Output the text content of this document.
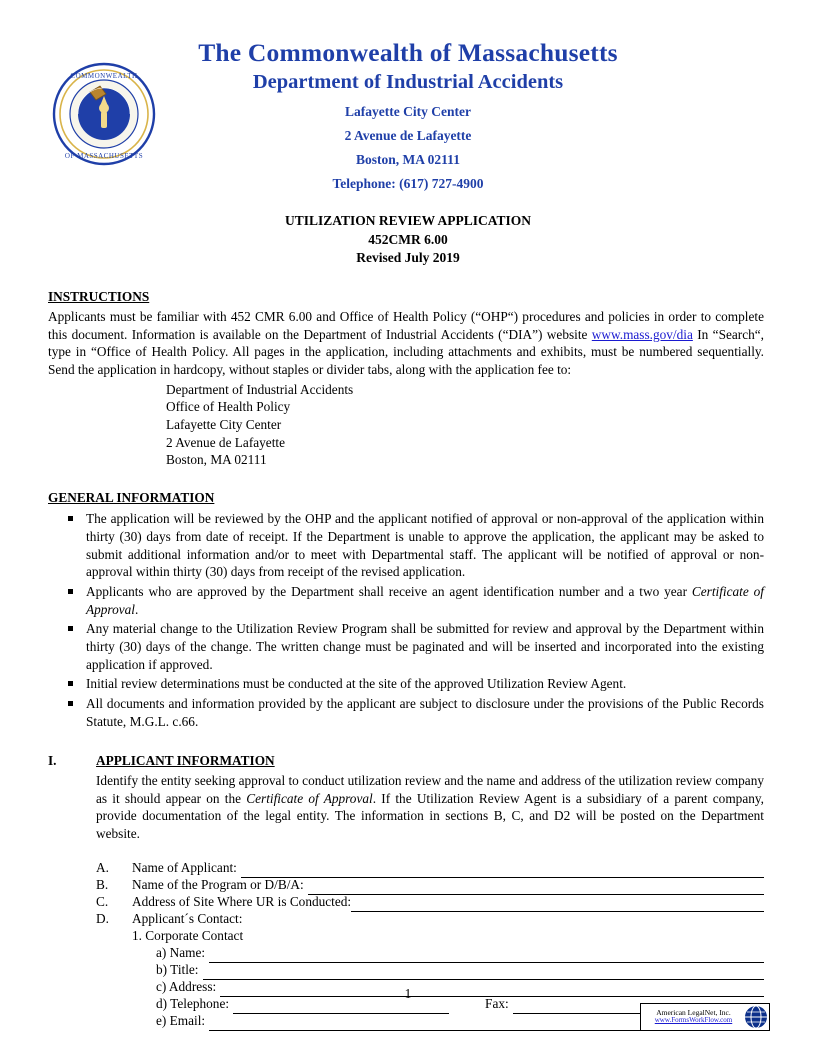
COMMONWEALTH
OF MASSACHUSETTS
The Commonwealth of Massachusetts
Department of Industrial Accidents
Lafayette City Center
2 Avenue de Lafayette
Boston, MA 02111
Telephone: (617) 727-4900
UTILIZATION REVIEW APPLICATION
452CMR 6.00
Revised July 2019
INSTRUCTIONS

Applicants must be familiar with 452 CMR 6.00 and Office of Health Policy (“OHP“) procedures and policies in order to complete this document. Information is available on the Department of Industrial Accidents (“DIA”) website www.mass.gov/dia In “Search“, type in “Office of Health Policy. All pages in the application, including attachments and exhibits, must be numbered sequentially. Send the application in hardcopy, without staples or divider tabs, along with the application fee to:

Department of Industrial Accidents
Office of Health Policy
Lafayette City Center
2 Avenue de Lafayette
Boston, MA 02111
GENERAL INFORMATION
The application will be reviewed by the OHP and the applicant notified of approval or non-approval of the application within thirty (30) days from date of receipt. If the Department is unable to approve the application, the applicant may be asked to submit additional information and/or to meet with Departmental staff. The applicant will be notified of approval or non-approval within thirty (30) days from receipt of the revised application.
Applicants who are approved by the Department shall receive an agent identification number and a two year Certificate of Approval.
Any material change to the Utilization Review Program shall be submitted for review and approval by the Department within thirty (30) days of the change. The written change must be paginated and will be inserted and incorporated into the existing application if approved.
Initial review determinations must be conducted at the site of the approved Utilization Review Agent.
All documents and information provided by the applicant are subject to disclosure under the provisions of the Public Records Statute, M.G.L. c.66.
I.	APPLICANT INFORMATION
Identify the entity seeking approval to conduct utilization review and the name and address of the utilization review company as it should appear on the Certificate of Approval. If the Utilization Review Agent is a subsidiary of a parent company, provide documentation of the legal entity. The information in sections B, C, and D2 will be posted on the Department website.
A.	Name of Applicant:
B.	Name of the Program or D/B/A:
C.	Address of Site Where UR is Conducted:
D.	Applicant´s Contact:
1. Corporate Contact
a) Name:
b) Title:
c) Address:
d) Telephone:	Fax:
e) Email:
1
American LegalNet, Inc.
www.FormsWorkFlow.com
